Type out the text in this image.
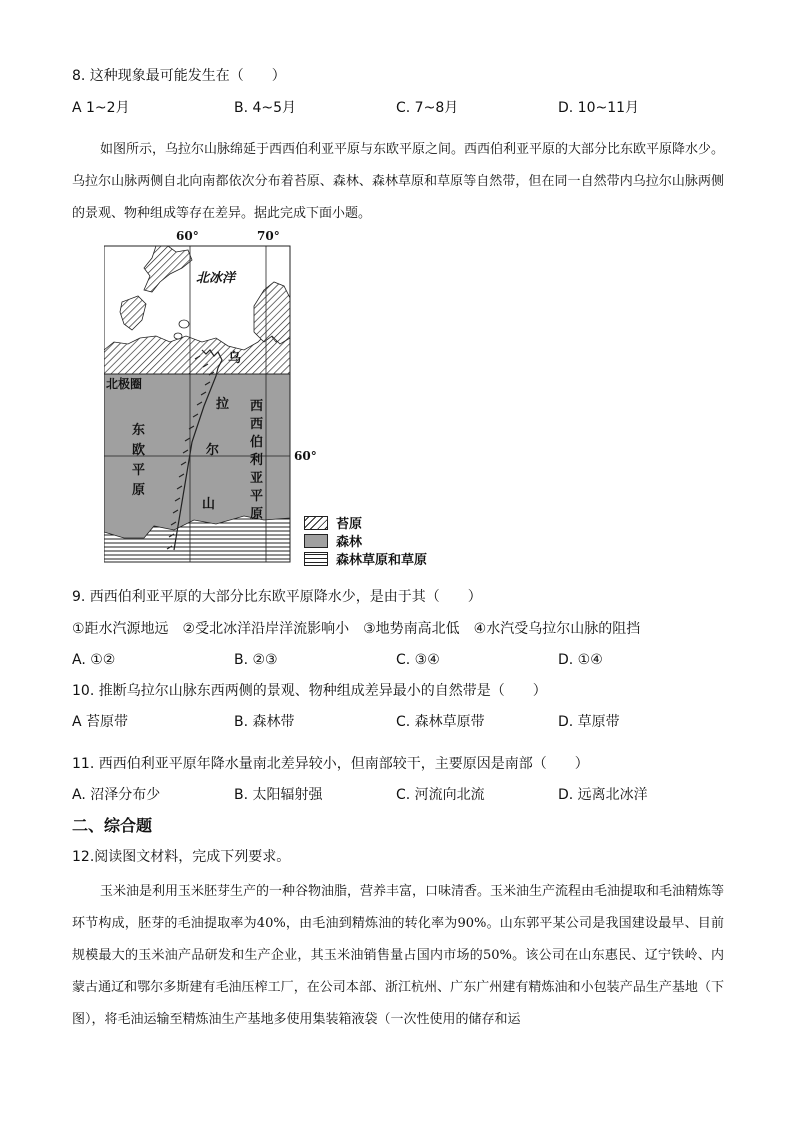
8. 这种现象最可能发生在（　　）
A 1~2月	B. 4~5月	C. 7~8月	D. 10~11月
如图所示，乌拉尔山脉绵延于西西伯利亚平原与东欧平原之间。西西伯利亚平原的大部分比东欧平原降水少。乌拉尔山脉两侧自北向南都依次分布着苔原、森林、森林草原和草原等自然带，但在同一自然带内乌拉尔山脉两侧的景观、物种组成等存在差异。据此完成下面小题。
60°	70°
北冰洋
北极圈
东
欧
平
原
乌
拉
尔
山
西
西
伯
利
亚
平
原
60°
苔原
森林
森林草原和草原
9. 西西伯利亚平原的大部分比东欧平原降水少，是由于其（　　）
①距水汽源地远　②受北冰洋沿岸洋流影响小　③地势南高北低　④水汽受乌拉尔山脉的阻挡
A. ①②	B. ②③	C. ③④	D. ①④
10. 推断乌拉尔山脉东西两侧的景观、物种组成差异最小的自然带是（　　）
A 苔原带	B. 森林带	C. 森林草原带	D. 草原带
11. 西西伯利亚平原年降水量南北差异较小，但南部较干，主要原因是南部（　　）
A. 沼泽分布少	B. 太阳辐射强	C. 河流向北流	D. 远离北冰洋
二、综合题
12.阅读图文材料，完成下列要求。
玉米油是利用玉米胚芽生产的一种谷物油脂，营养丰富，口味清香。玉米油生产流程由毛油提取和毛油精炼等环节构成，胚芽的毛油提取率为40%，由毛油到精炼油的转化率为90%。山东郭平某公司是我国建设最早、目前规模最大的玉米油产品研发和生产企业，其玉米油销售量占国内市场的50%。该公司在山东惠民、辽宁铁岭、内蒙古通辽和鄂尔多斯建有毛油压榨工厂，在公司本部、浙江杭州、广东广州建有精炼油和小包装产品生产基地（下图），将毛油运输至精炼油生产基地多使用集装箱液袋（一次性使用的储存和运
